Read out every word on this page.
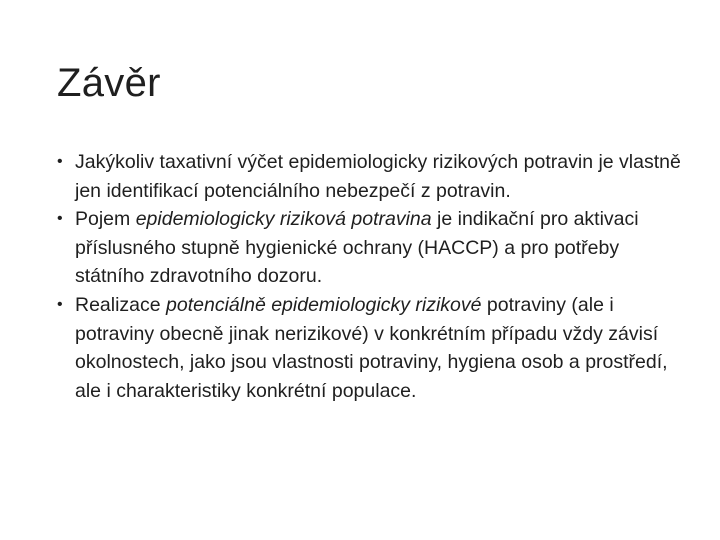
Závěr
• Jakýkoliv taxativní výčet epidemiologicky rizikových potravin je vlastně jen identifikací potenciálního nebezpečí z potravin.
• Pojem epidemiologicky riziková potravina je indikační pro aktivaci příslusného stupně hygienické ochrany (HACCP) a pro potřeby státního zdravotního dozoru.
• Realizace potenciálně epidemiologicky rizikové potraviny (ale i potraviny obecně jinak nerizikové) v konkrétním případu vždy závisí okolnostech, jako jsou vlastnosti potraviny, hygiena osob a prostředí, ale i charakteristiky konkrétní populace.
